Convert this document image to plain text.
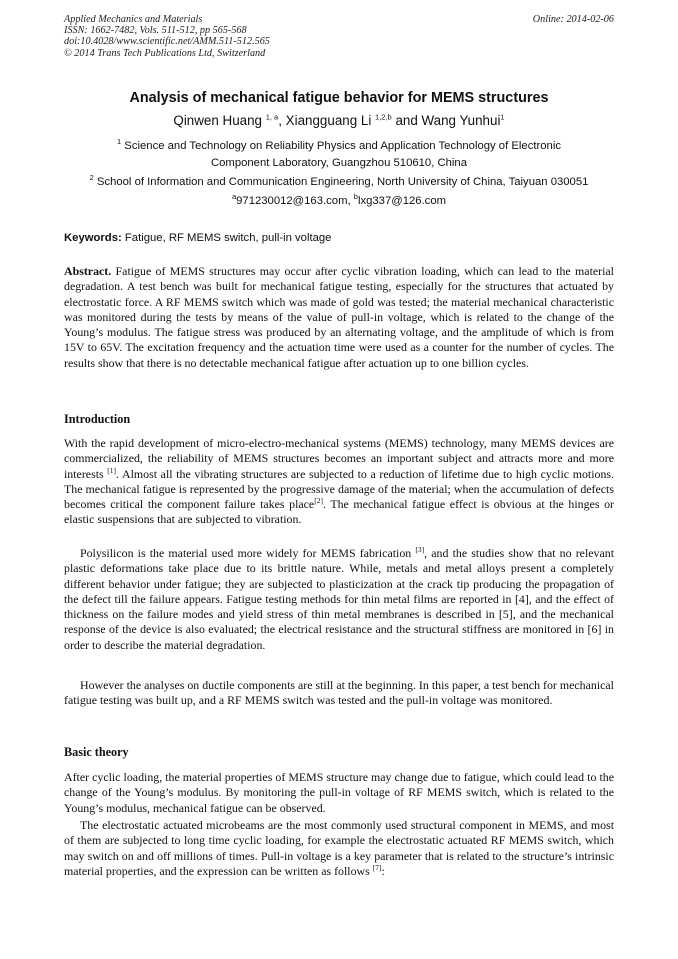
Applied Mechanics and Materials
ISSN: 1662-7482, Vols. 511-512, pp 565-568
doi:10.4028/www.scientific.net/AMM.511-512.565
© 2014 Trans Tech Publications Ltd, Switzerland
Online: 2014-02-06
Analysis of mechanical fatigue behavior for MEMS structures
Qinwen Huang $^{1, a}$, Xiangguang Li $^{1,2,b}$ and Wang Yunhui$^1$
$^1$ Science and Technology on Reliability Physics and Application Technology of Electronic
Component Laboratory, Guangzhou 510610, China
$^2$ School of Information and Communication Engineering, North University of China, Taiyuan 030051
$^a$971230012@163.com, $^b$lxg337@126.com
Keywords: Fatigue, RF MEMS switch, pull-in voltage
Abstract. Fatigue of MEMS structures may occur after cyclic vibration loading, which can lead to the material degradation. A test bench was built for mechanical fatigue testing, especially for the structures that actuated by electrostatic force. A RF MEMS switch which was made of gold was tested; the material mechanical characteristic was monitored during the tests by means of the value of pull-in voltage, which is related to the change of the Young’s modulus. The fatigue stress was produced by an alternating voltage, and the amplitude of which is from 15V to 65V. The excitation frequency and the actuation time were used as a counter for the number of cycles. The results show that there is no detectable mechanical fatigue after actuation up to one billion cycles.
Introduction
With the rapid development of micro-electro-mechanical systems (MEMS) technology, many MEMS devices are commercialized, the reliability of MEMS structures becomes an important subject and attracts more and more interests [1]. Almost all the vibrating structures are subjected to a reduction of lifetime due to high cyclic motions. The mechanical fatigue is represented by the progressive damage of the material; when the accumulation of defects becomes critical the component failure takes place[2]. The mechanical fatigue effect is obvious at the hinges or elastic suspensions that are subjected to vibration.
Polysilicon is the material used more widely for MEMS fabrication [3], and the studies show that no relevant plastic deformations take place due to its brittle nature. While, metals and metal alloys present a completely different behavior under fatigue; they are subjected to plasticization at the crack tip producing the propagation of the defect till the failure appears. Fatigue testing methods for thin metal films are reported in [4], and the effect of thickness on the failure modes and yield stress of thin metal membranes is described in [5], and the mechanical response of the device is also evaluated; the electrical resistance and the structural stiffness are monitored in [6] in order to describe the material degradation.
However the analyses on ductile components are still at the beginning. In this paper, a test bench for mechanical fatigue testing was built up, and a RF MEMS switch was tested and the pull-in voltage was monitored.
Basic theory
After cyclic loading, the material properties of MEMS structure may change due to fatigue, which could lead to the change of the Young’s modulus. By monitoring the pull-in voltage of RF MEMS switch, which is related to the Young’s modulus, mechanical fatigue can be observed.
The electrostatic actuated microbeams are the most commonly used structural component in MEMS, and most of them are subjected to long time cyclic loading, for example the electrostatic actuated RF MEMS switch, which may switch on and off millions of times. Pull-in voltage is a key parameter that is related to the structure’s intrinsic material properties, and the expression can be written as follows [7]:
